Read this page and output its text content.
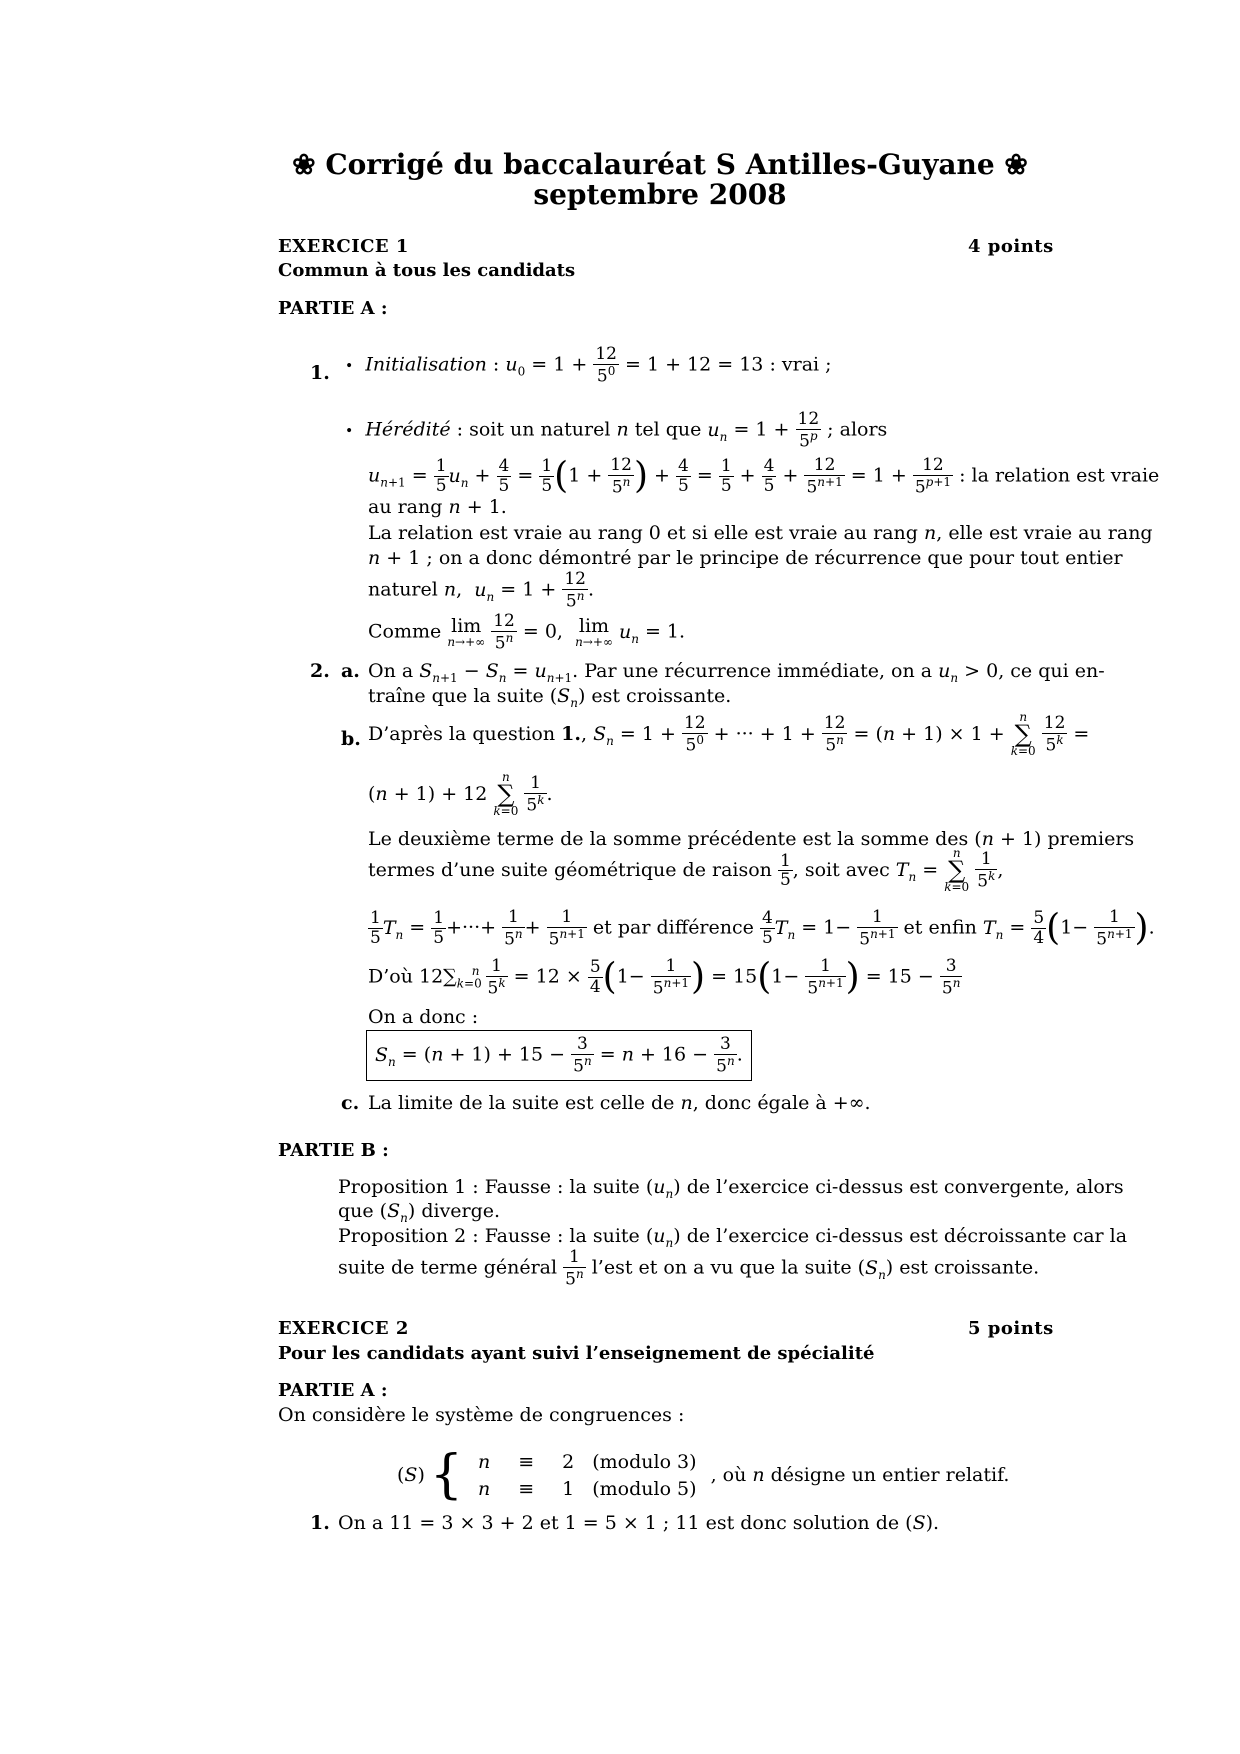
❀ Corrigé du baccalauréat S Antilles-Guyane ❀
septembre 2008
EXERCICE 1	4 points
Commun à tous les candidats
PARTIE A :
1. • Initialisation : $u_0 = 1 + \frac{12}{5^0} = 1 + 12 = 13$ : vrai ;
• Hérédité : soit un naturel n tel que $u_n = 1 + \frac{12}{5^p}$ ; alors
$u_{n+1} = \frac{1}{5} u_n + \frac{4}{5} = \frac{1}{5} (1 + \frac{12}{5^n}$ ) + $\frac{4}{5} = \frac{1}{5} + \frac{4}{5} + \frac{12}{5^{n+1}} = 1 + \frac{12}{5^{p+1}}$ : la relation est vraie
au rang n + 1.
La relation est vraie au rang 0 et si elle est vraie au rang n, elle est vraie au rang
n + 1 ; on a donc démontré par le principe de récurrence que pour tout entier
naturel n,  $u_n = 1 + \frac{12}{5^n}$ .
Comme lim
n→+∞
$\frac{12}{5^n} = 0$, lim
n→+∞ $u_n = 1$.
2. a. On a $S_{n+1} - S_n = u_{n+1}$. Par une récurrence immédiate, on a $u_n > 0$, ce qui en-
traîne que la suite $(S_n)$ est croissante.
b. D’après la question 1., $S_n = 1 + \frac{12}{5^0}$ + ··· + $1 + \frac{12}{5^n} = (n + 1) \times 1$ +
n
∑
k=0
$\frac{12}{5^k}$ =
(n + 1) + 12
n
∑
k=0
$\frac{1}{5^k}$ .
Le deuxième terme de la somme précédente est la somme des (n + 1) premiers
termes d’une suite géométrique de raison $\frac{1}{5}$ , soit avec $T_n$ =
n
∑
k=0
$\frac{1}{5^k}$ ,
$\frac{1}{5} T_n = \frac{1}{5}$ +···+ $\frac{1}{5^n} + \frac{1}{5^{n+1}}$ et par différence $\frac{4}{5} T_n = 1- \frac{1}{5^{n+1}}$ et enfin $T_n = \frac{5}{4} (1- \frac{1}{5^{n+1}}$ ).
D’où $12\sum_{k=0}^n \frac{1}{5^k} = 12 \times \frac{5}{4} (1- \frac{1}{5^{n+1}}$ ) = $15(1- \frac{1}{5^{n+1}}$ ) = $15 - \frac{3}{5^n}$
On a donc :
$S_n = (n + 1) + 15 - \frac{3}{5^n} = n + 16 - \frac{3}{5^n}$ .
c. La limite de la suite est celle de n, donc égale à +∞.
PARTIE B :
Proposition 1 : Fausse : la suite $(u_n)$ de l’exercice ci-dessus est convergente, alors
que $(S_n)$ diverge.
Proposition 2 : Fausse : la suite $(u_n)$ de l’exercice ci-dessus est décroissante car la
suite de terme général $\frac{1}{5^n}$ l’est et on a vu que la suite $(S_n)$ est croissante.
EXERCICE 2	5 points
Pour les candidats ayant suivi l’enseignement de spécialité
PARTIE A :
On considère le système de congruences :
(S)	{	n	≡	2	(modulo 3)	, où n désigne un entier relatif.
		n	≡	1	(modulo 5)	
1. On a 11 = 3 × 3 + 2 et 1 = 5 × 1 ; 11 est donc solution de (S).
